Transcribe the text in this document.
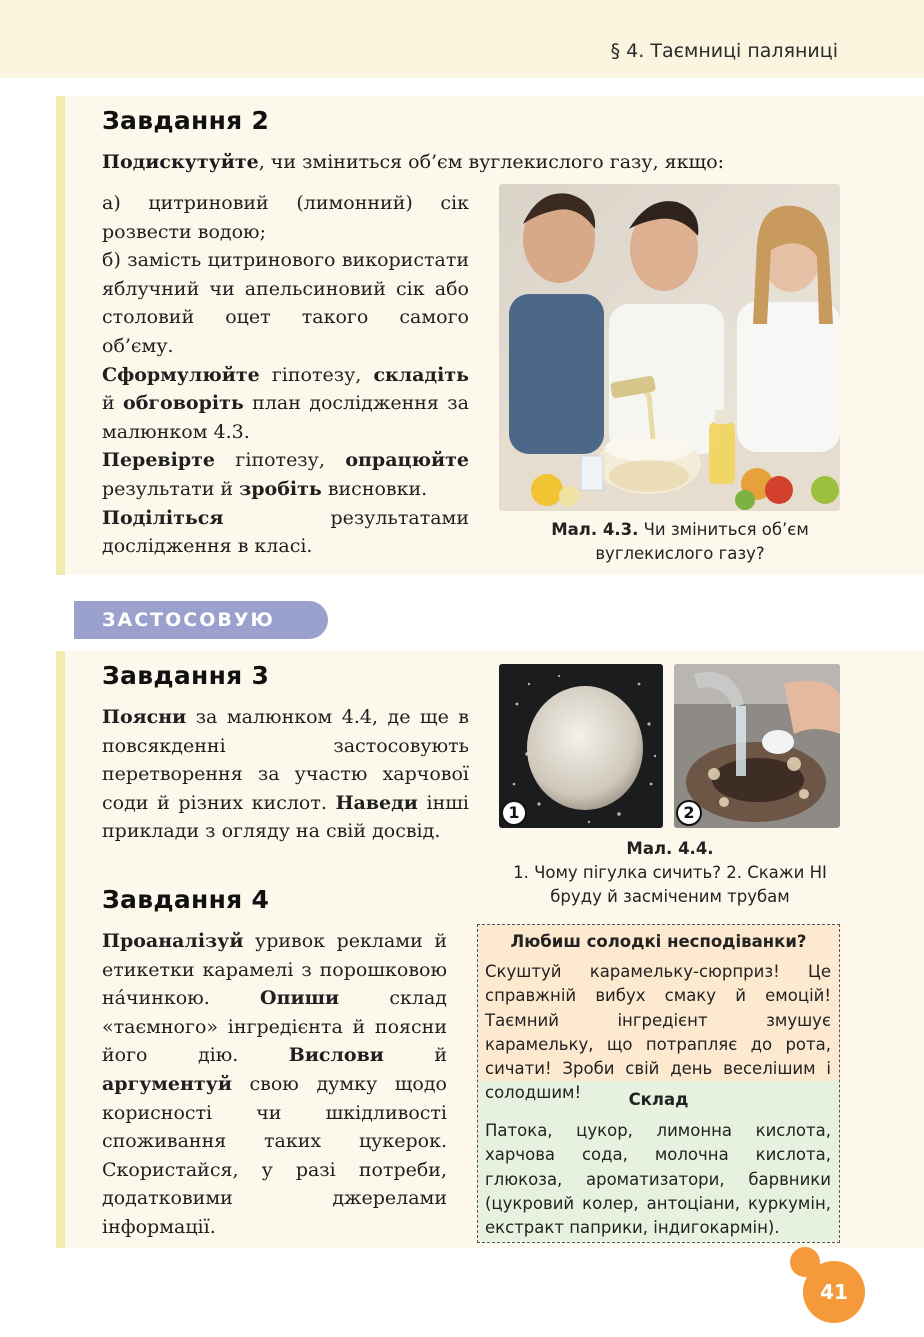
§ 4. Таємниці паляниці
Завдання 2
Подискутуйте, чи зміниться об’єм вуглекислого газу, якщо:
а) цитриновий (лимонний) сік розвести водою;
б) замість цитринового використати яблучний чи апельсиновий сік або столовий оцет такого самого об’єму.
Сформулюйте гіпотезу, складіть й обговоріть план дослідження за малюнком 4.3.
Перевірте гіпотезу, опрацюйте результати й зробіть висновки.
Поділіться результатами дослідження в класі.
Мал. 4.3. Чи зміниться об’єм вуглекислого газу?
ЗАСТОСОВУЮ
Завдання 3
Поясни за малюнком 4.4, де ще в повсякденні застосовують перетворення за участю харчової соди й різних кислот. Наведи інші приклади з огляду на свій досвід.
1	2
Мал. 4.4.
1. Чому пігулка сичить? 2. Скажи НІ бруду й засміченим трубам
Завдання 4
Проаналізуй уривок реклами й етикетки карамелі з порошковою на́чинкою. Опиши склад «таємного» інгредієнта й поясни його дію. Вислови й аргументуй свою думку щодо корисності чи шкідливості споживання таких цукерок. Скористайся, у разі потреби, додатковими джерелами інформації.
Любиш солодкі несподіванки?
Скуштуй карамельку-сюрприз! Це справжній вибух смаку й емоцій! Таємний інгредієнт змушує карамельку, що потрапляє до рота, сичати! Зроби свій день веселішим і солодшим!	Склад
Патока, цукор, лимонна кислота, харчова сода, молочна кислота, глюкоза, ароматизатори, барвники (цукровий колер, антоціани, куркумін, екстракт паприки, індигокармін).
41
